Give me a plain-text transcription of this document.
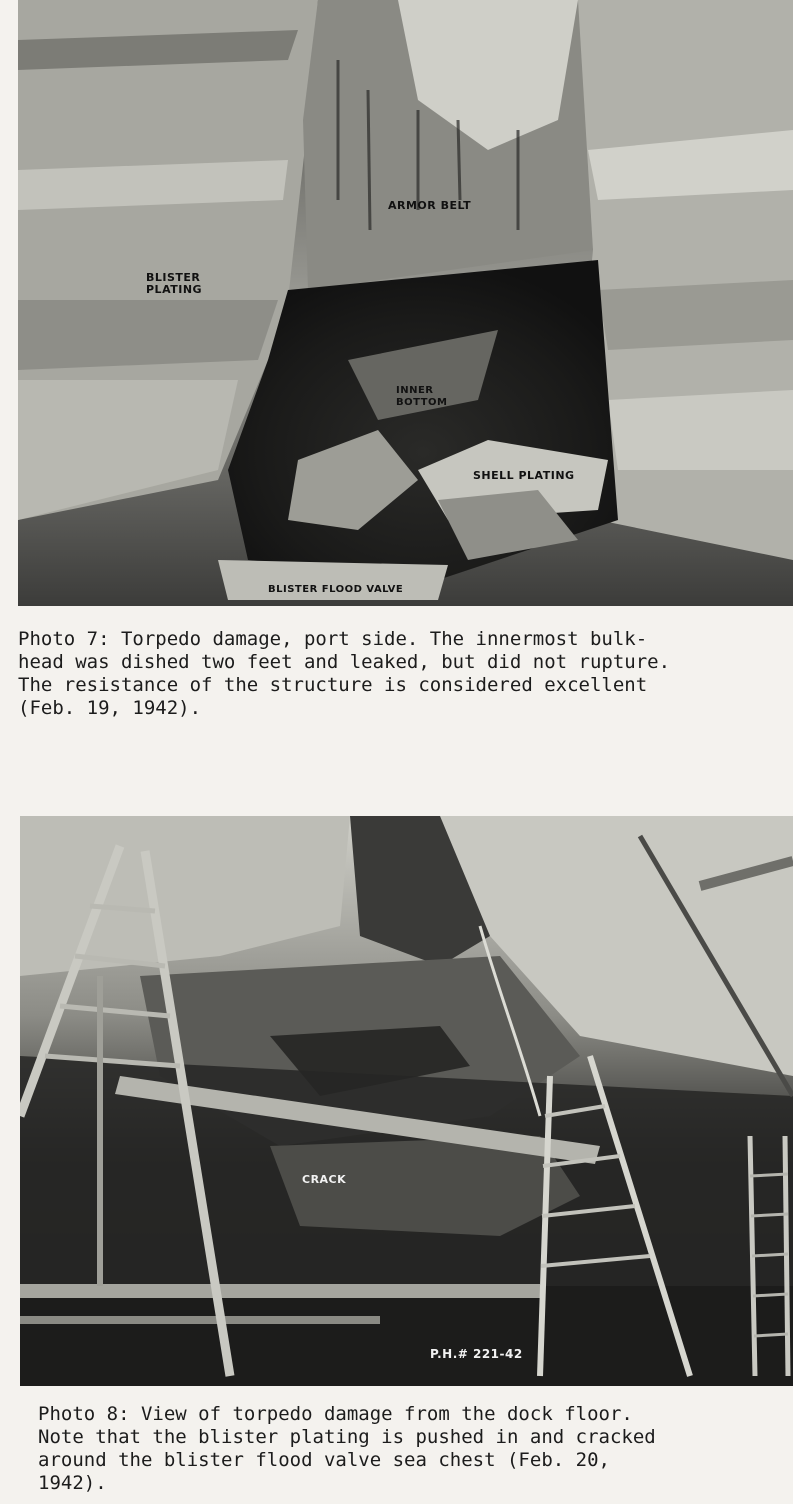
ARMOR BELT
BLISTER PLATING
INNER BOTTOM
SHELL PLATING
BLISTER FLOOD VALVE

Photo 7: Torpedo damage, port side. The innermost bulk-
head was dished two feet and leaked, but did not rupture.
The resistance of the structure is considered excellent
(Feb. 19, 1942).

CRACK
P.H.# 221-42

Photo 8: View of torpedo damage from the dock floor.
Note that the blister plating is pushed in and cracked
around the blister flood valve sea chest (Feb. 20,
1942).
